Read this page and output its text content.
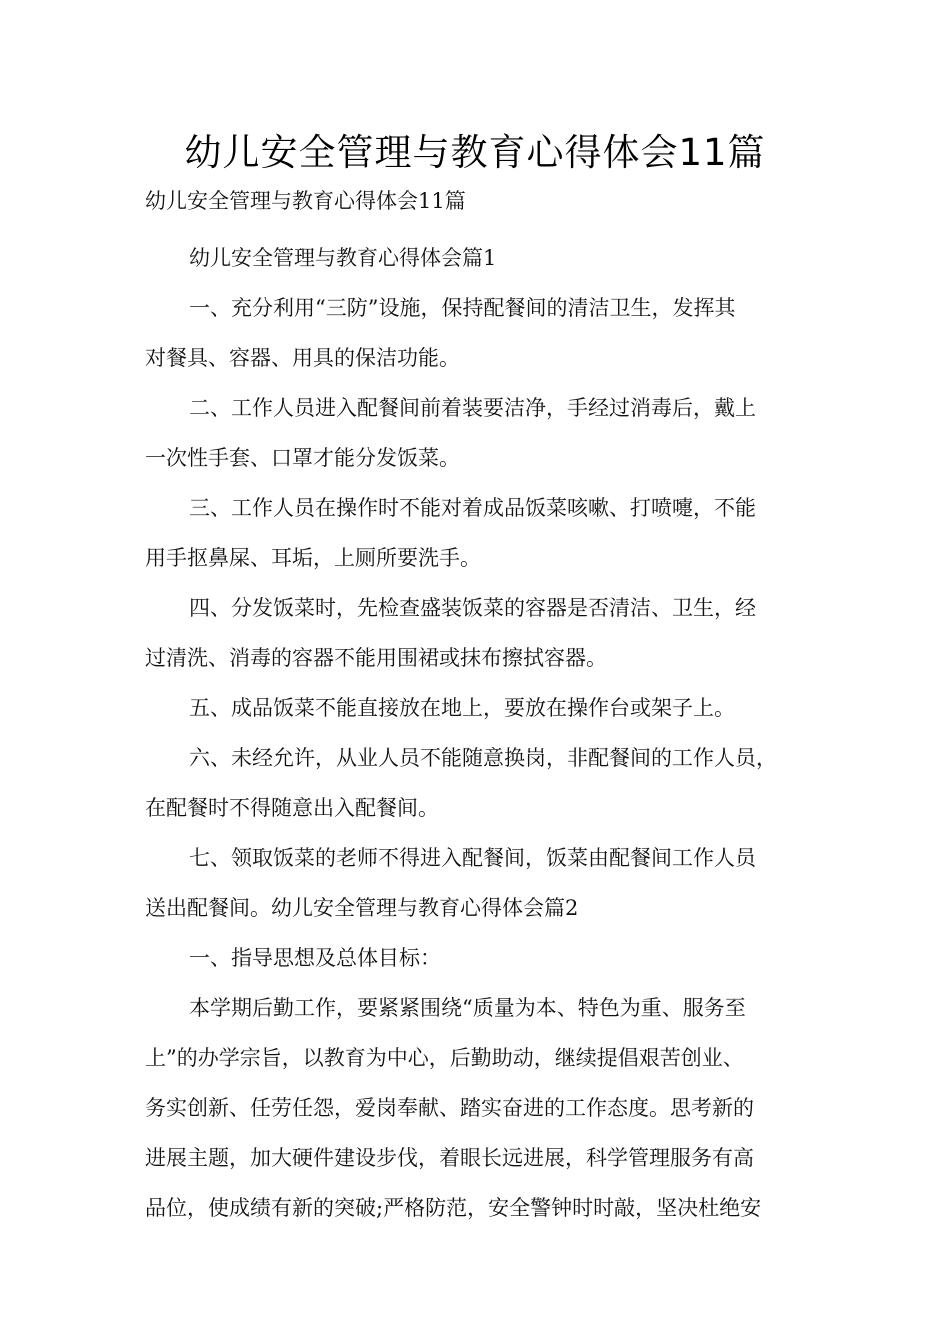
幼儿安全管理与教育心得体会11篇

幼儿安全管理与教育心得体会11篇

幼儿安全管理与教育心得体会篇1

一、充分利用“三防”设施，保持配餐间的清洁卫生，发挥其

对餐具、容器、用具的保洁功能。

二、工作人员进入配餐间前着装要洁净，手经过消毒后，戴上

一次性手套、口罩才能分发饭菜。

三、工作人员在操作时不能对着成品饭菜咳嗽、打喷嚏，不能

用手抠鼻屎、耳垢，上厕所要洗手。

四、分发饭菜时，先检查盛装饭菜的容器是否清洁、卫生，经

过清洗、消毒的容器不能用围裙或抹布擦拭容器。

五、成品饭菜不能直接放在地上，要放在操作台或架子上。

六、未经允许，从业人员不能随意换岗，非配餐间的工作人员，

在配餐时不得随意出入配餐间。

七、领取饭菜的老师不得进入配餐间，饭菜由配餐间工作人员

送出配餐间。幼儿安全管理与教育心得体会篇2

一、指导思想及总体目标：

本学期后勤工作，要紧紧围绕“质量为本、特色为重、服务至

上”的办学宗旨，以教育为中心，后勤助动，继续提倡艰苦创业、

务实创新、任劳任怨，爱岗奉献、踏实奋进的工作态度。思考新的

进展主题，加大硬件建设步伐，着眼长远进展，科学管理服务有高

品位，使成绩有新的突破;严格防范，安全警钟时时敲，坚决杜绝安
